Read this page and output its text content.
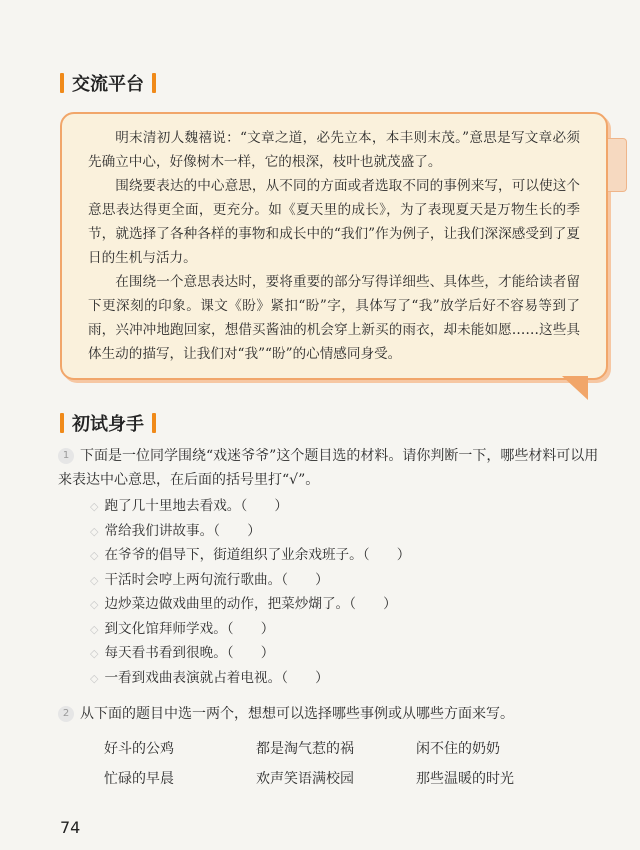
交流平台

明末清初人魏禧说：“文章之道，必先立本，本丰则末茂。”意思是写文章必须先确立中心，好像树木一样，它的根深，枝叶也就茂盛了。

围绕要表达的中心意思，从不同的方面或者选取不同的事例来写，可以使这个意思表达得更全面，更充分。如《夏天里的成长》，为了表现夏天是万物生长的季节，就选择了各种各样的事物和成长中的“我们”作为例子，让我们深深感受到了夏日的生机与活力。

在围绕一个意思表达时，要将重要的部分写得详细些、具体些，才能给读者留下更深刻的印象。课文《盼》紧扣“盼”字，具体写了“我”放学后好不容易等到了雨，兴冲冲地跑回家，想借买酱油的机会穿上新买的雨衣，却未能如愿……这些具体生动的描写，让我们对“我”“盼”的心情感同身受。

初试身手
1 下面是一位同学围绕“戏迷爷爷”这个题目选的材料。请你判断一下，哪些材料可以用来表达中心意思，在后面的括号里打“√”。
◇ 跑了几十里地去看戏。（　　）
◇ 常给我们讲故事。（　　）
◇ 在爷爷的倡导下，街道组织了业余戏班子。（　　）
◇ 干活时会哼上两句流行歌曲。（　　）
◇ 边炒菜边做戏曲里的动作，把菜炒煳了。（　　）
◇ 到文化馆拜师学戏。（　　）
◇ 每天看书看到很晚。（　　）
◇ 一看到戏曲表演就占着电视。（　　）
2 从下面的题目中选一两个，想想可以选择哪些事例或从哪些方面来写。
好斗的公鸡	都是淘气惹的祸	闲不住的奶奶
忙碌的早晨	欢声笑语满校园	那些温暖的时光
74
